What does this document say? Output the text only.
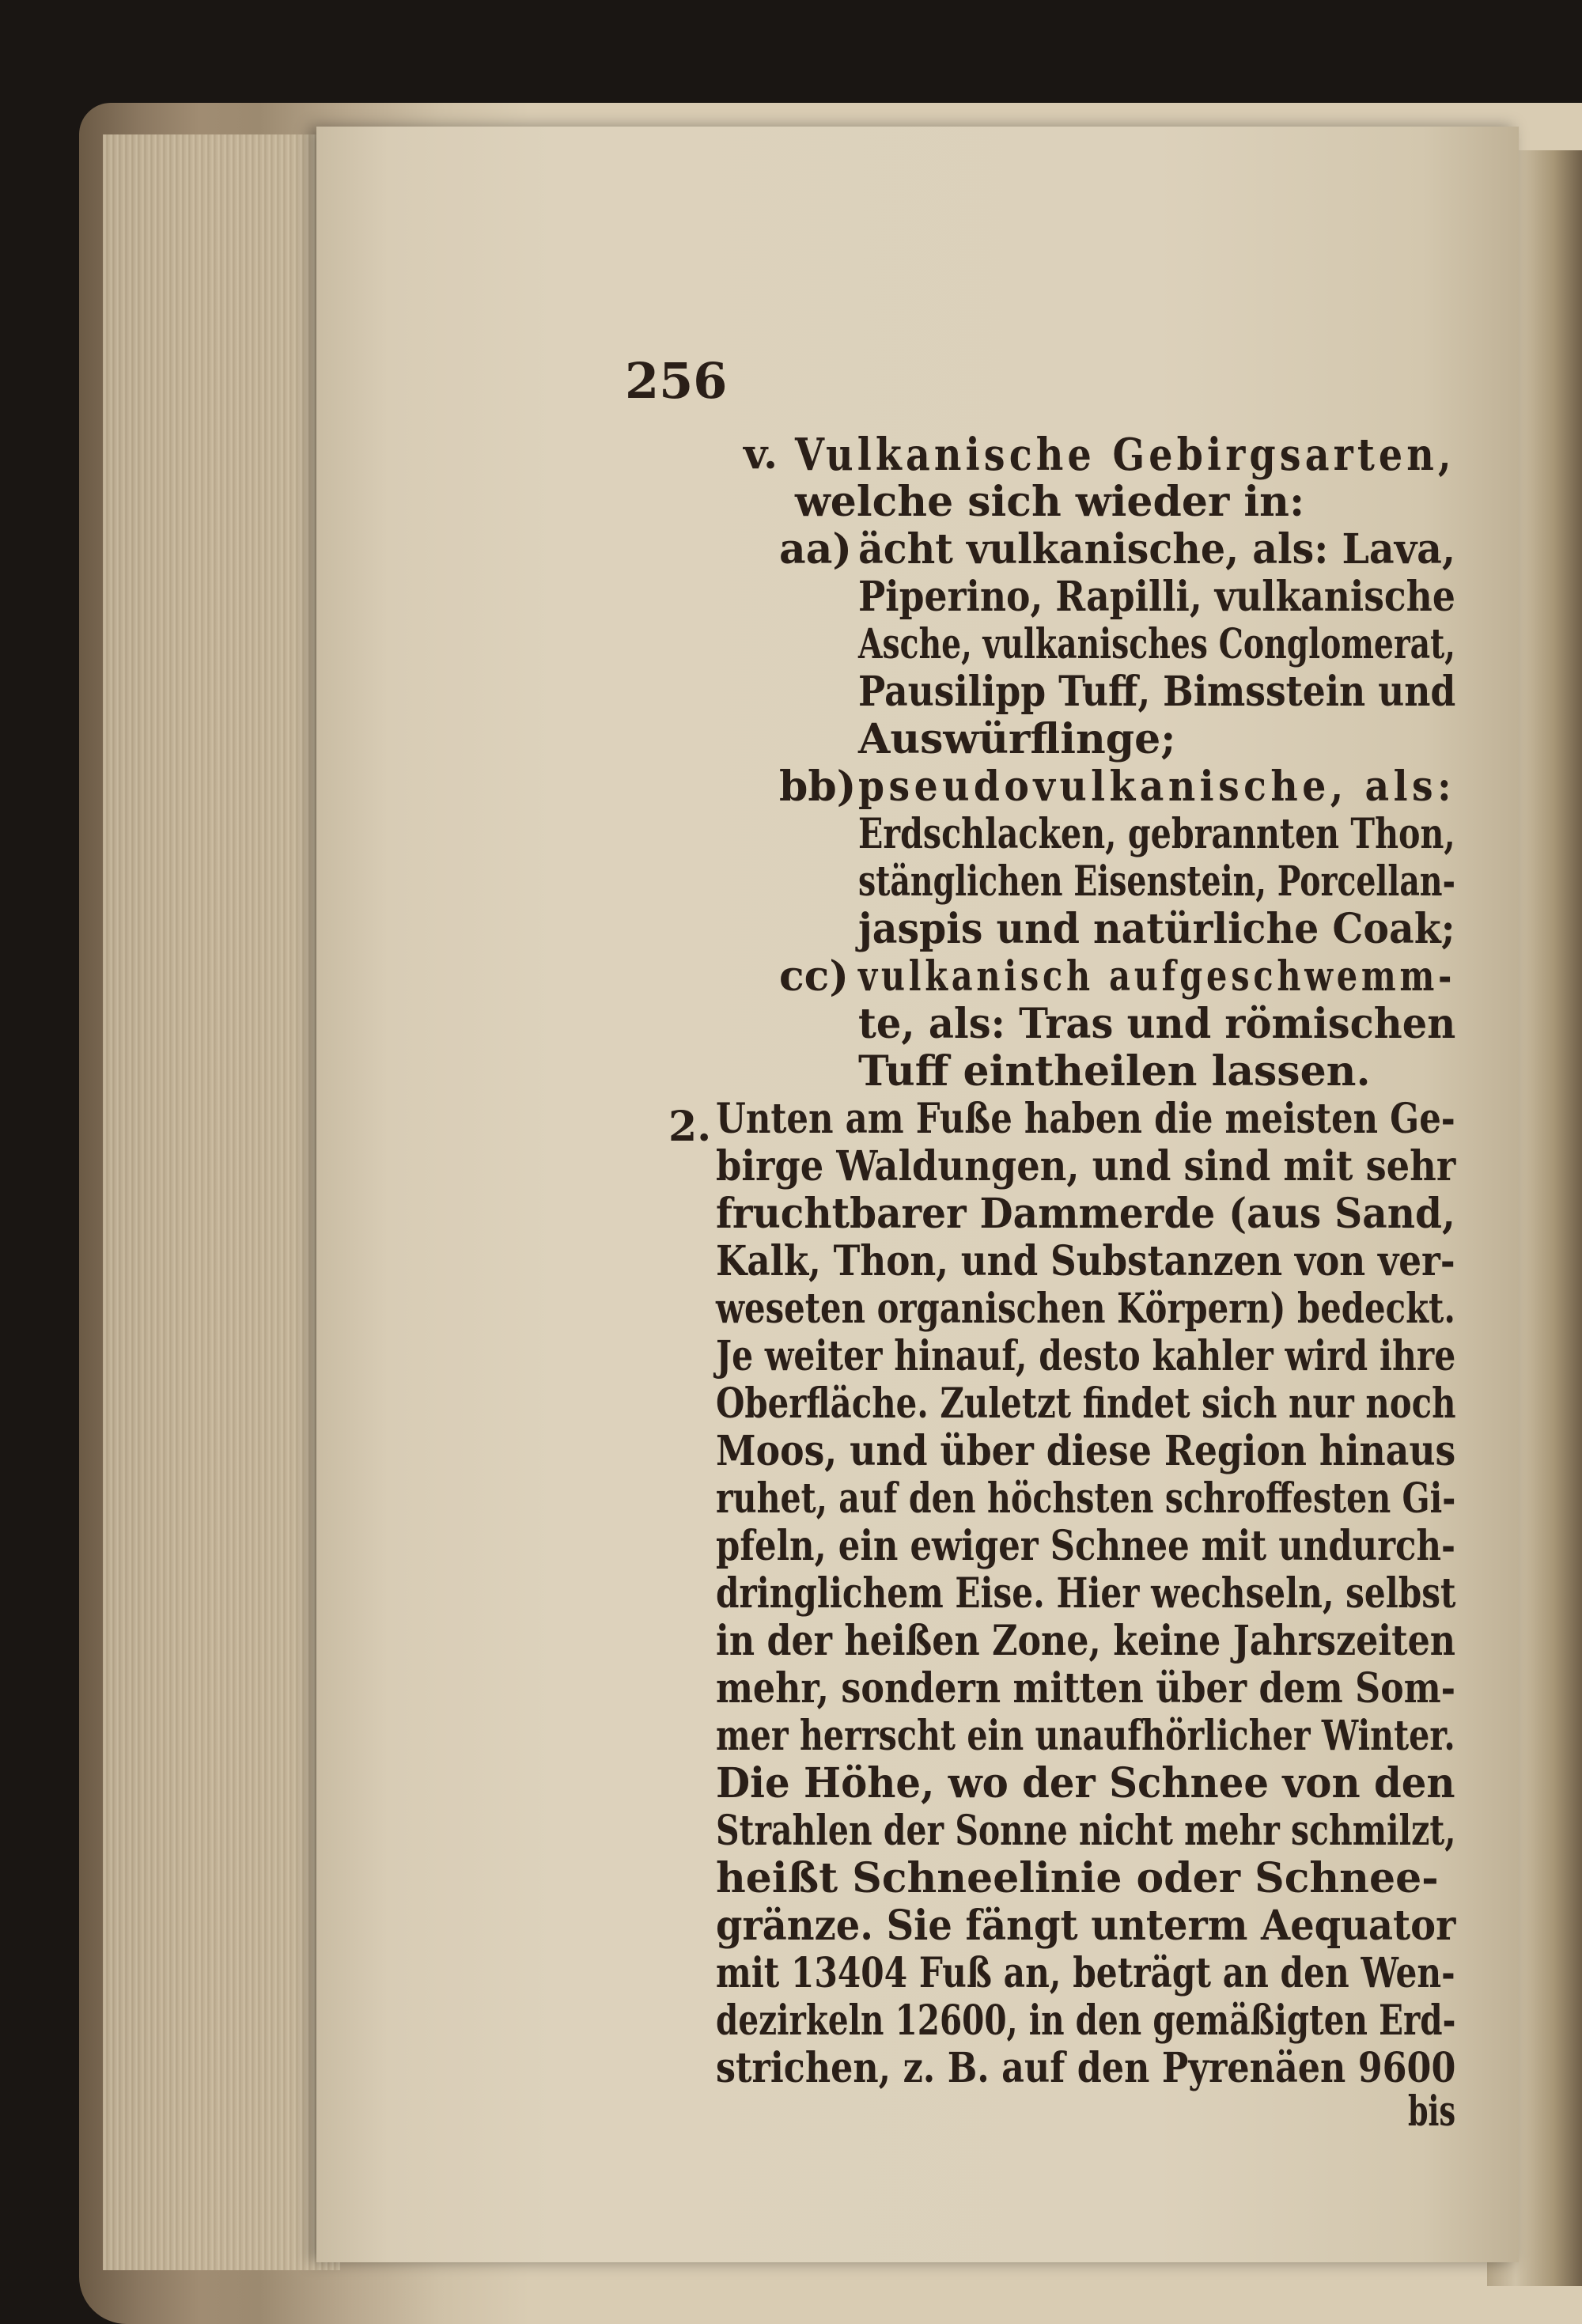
256
v. Vulkanische Gebirgsarten,
welche sich wieder in:
aa) ächt vulkanische, als: Lava,
Piperino, Rapilli, vulkanische
Asche, vulkanisches Conglomerat,
Pausilipp Tuff, Bimsstein und
Auswürflinge;
bb) pseudovulkanische, als:
Erdschlacken, gebrannten Thon,
stänglichen Eisenstein, Porcellan-
jaspis und natürliche Coak;
cc) vulkanisch aufgeschwemm-
te, als: Tras und römischen
Tuff eintheilen lassen.
2. Unten am Fuße haben die meisten Ge-
birge Waldungen, und sind mit sehr
fruchtbarer Dammerde (aus Sand,
Kalk, Thon, und Substanzen von ver-
weseten organischen Körpern) bedeckt.
Je weiter hinauf, desto kahler wird ihre
Oberfläche. Zuletzt findet sich nur noch
Moos, und über diese Region hinaus
ruhet, auf den höchsten schroffesten Gi-
pfeln, ein ewiger Schnee mit undurch-
dringlichem Eise. Hier wechseln, selbst
in der heißen Zone, keine Jahrszeiten
mehr, sondern mitten über dem Som-
mer herrscht ein unaufhörlicher Winter.
Die Höhe, wo der Schnee von den
Strahlen der Sonne nicht mehr schmilzt,
heißt Schneelinie oder Schnee-
gränze. Sie fängt unterm Aequator
mit 13404 Fuß an, beträgt an den Wen-
dezirkeln 12600, in den gemäßigten Erd-
strichen, z. B. auf den Pyrenäen 9600
bis
